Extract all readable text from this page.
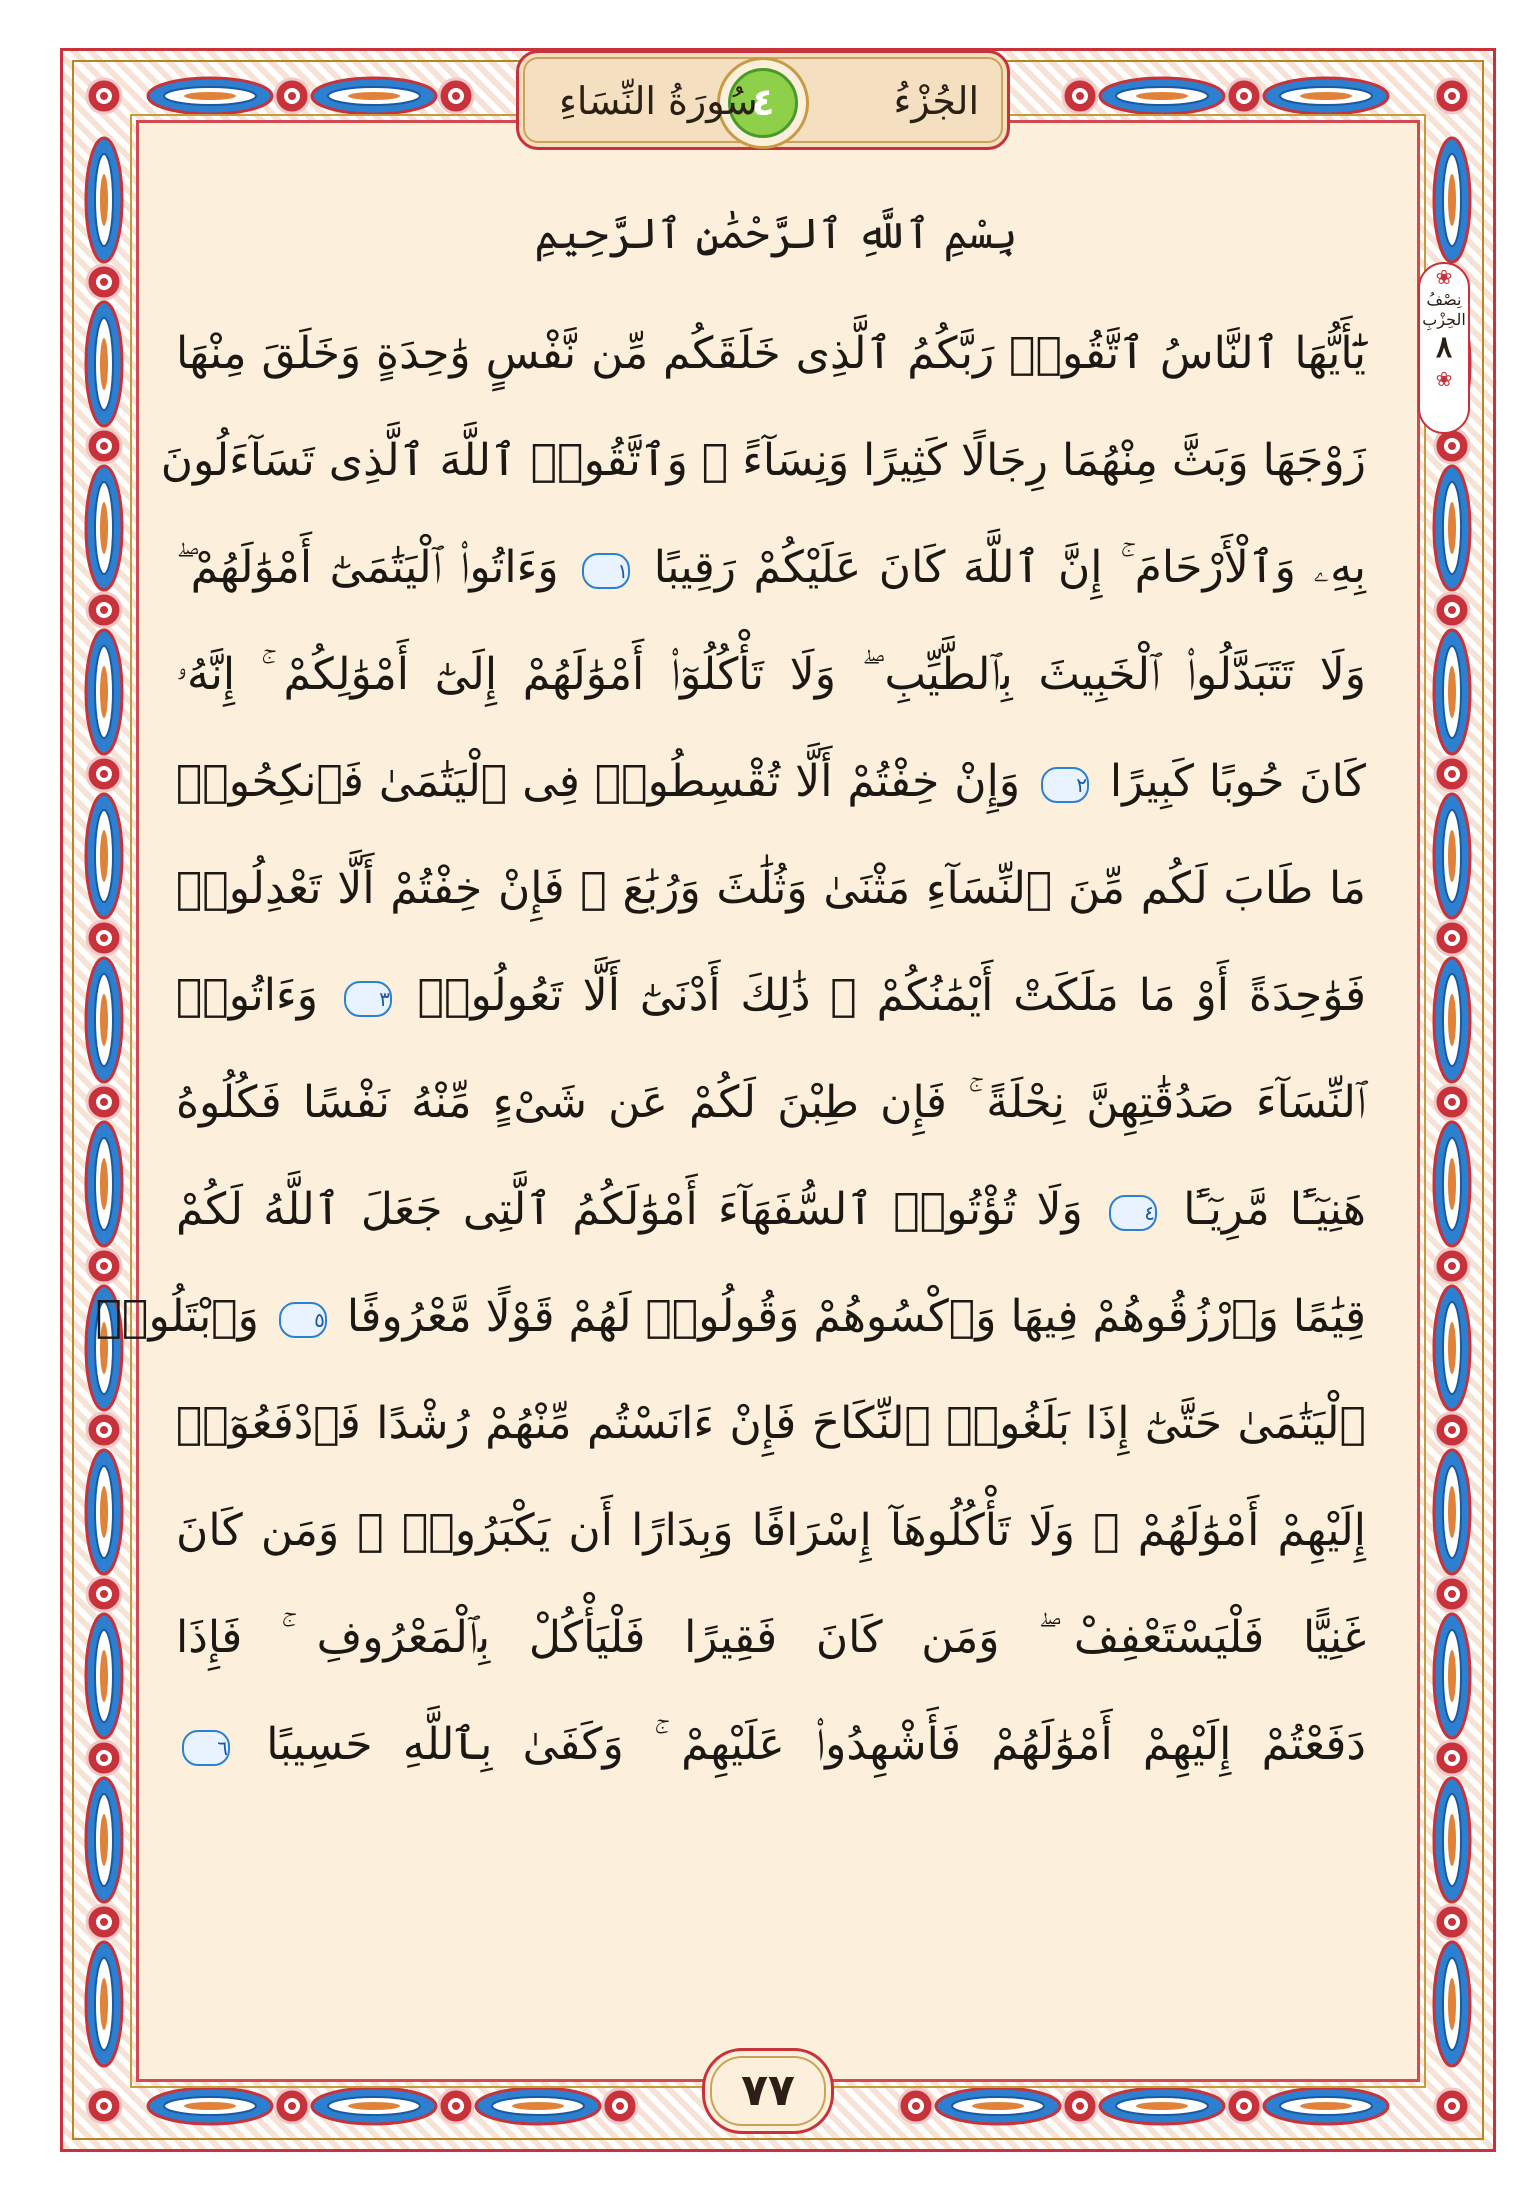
الجُزْءُ
٤
سُورَةُ النِّسَاءِ
❀
نِصْفُ
الحِزْبِ
٨
❀
بِسْمِ ٱللَّهِ ٱلرَّحْمَٰنِ ٱلرَّحِيمِ
يَٰٓأَيُّهَا ٱلنَّاسُ ٱتَّقُوا۟ رَبَّكُمُ ٱلَّذِى خَلَقَكُم مِّن نَّفْسٍ وَٰحِدَةٍ وَخَلَقَ مِنْهَا
زَوْجَهَا وَبَثَّ مِنْهُمَا رِجَالًا كَثِيرًا وَنِسَآءً ۚ وَٱتَّقُوا۟ ٱللَّهَ ٱلَّذِى تَسَآءَلُونَ
بِهِۦ وَٱلْأَرْحَامَ ۚ إِنَّ ٱللَّهَ كَانَ عَلَيْكُمْ رَقِيبًا ١ وَءَاتُوا۟ ٱلْيَتَٰمَىٰٓ أَمْوَٰلَهُمْ ۖ
وَلَا تَتَبَدَّلُوا۟ ٱلْخَبِيثَ بِٱلطَّيِّبِ ۖ وَلَا تَأْكُلُوٓا۟ أَمْوَٰلَهُمْ إِلَىٰٓ أَمْوَٰلِكُمْ ۚ إِنَّهُۥ
كَانَ حُوبًا كَبِيرًا ٢ وَإِنْ خِفْتُمْ أَلَّا تُقْسِطُوا۟ فِى ٱلْيَتَٰمَىٰ فَٱنكِحُوا۟
مَا طَابَ لَكُم مِّنَ ٱلنِّسَآءِ مَثْنَىٰ وَثُلَٰثَ وَرُبَٰعَ ۖ فَإِنْ خِفْتُمْ أَلَّا تَعْدِلُوا۟
فَوَٰحِدَةً أَوْ مَا مَلَكَتْ أَيْمَٰنُكُمْ ۚ ذَٰلِكَ أَدْنَىٰٓ أَلَّا تَعُولُوا۟ ٣ وَءَاتُوا۟
ٱلنِّسَآءَ صَدُقَٰتِهِنَّ نِحْلَةً ۚ فَإِن طِبْنَ لَكُمْ عَن شَىْءٍ مِّنْهُ نَفْسًا فَكُلُوهُ
هَنِيٓـًٔا مَّرِيٓـًٔا ٤ وَلَا تُؤْتُوا۟ ٱلسُّفَهَآءَ أَمْوَٰلَكُمُ ٱلَّتِى جَعَلَ ٱللَّهُ لَكُمْ
قِيَٰمًا وَٱرْزُقُوهُمْ فِيهَا وَٱكْسُوهُمْ وَقُولُوا۟ لَهُمْ قَوْلًا مَّعْرُوفًا ٥ وَٱبْتَلُوا۟
ٱلْيَتَٰمَىٰ حَتَّىٰٓ إِذَا بَلَغُوا۟ ٱلنِّكَاحَ فَإِنْ ءَانَسْتُم مِّنْهُمْ رُشْدًا فَٱدْفَعُوٓا۟
إِلَيْهِمْ أَمْوَٰلَهُمْ ۖ وَلَا تَأْكُلُوهَآ إِسْرَافًا وَبِدَارًا أَن يَكْبَرُوا۟ ۚ وَمَن كَانَ
غَنِيًّا فَلْيَسْتَعْفِفْ ۖ وَمَن كَانَ فَقِيرًا فَلْيَأْكُلْ بِٱلْمَعْرُوفِ ۚ فَإِذَا
دَفَعْتُمْ إِلَيْهِمْ أَمْوَٰلَهُمْ فَأَشْهِدُوا۟ عَلَيْهِمْ ۚ وَكَفَىٰ بِٱللَّهِ حَسِيبًا ٦
٧٧
